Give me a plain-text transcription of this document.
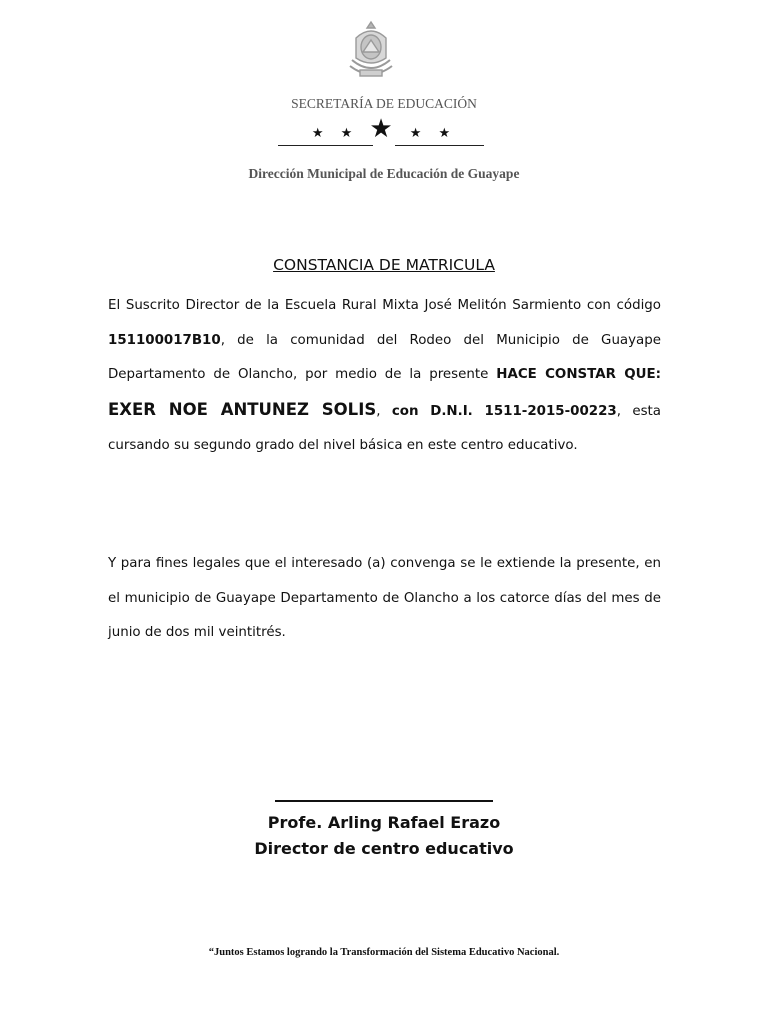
SECRETARÍA DE EDUCACIÓN
★ ★ ★ ★ ★
Dirección Municipal de Educación de Guayape
CONSTANCIA DE MATRICULA
El Suscrito Director de la Escuela Rural Mixta José Melitón Sarmiento con código 151100017B10, de la comunidad del Rodeo del Municipio de Guayape Departamento de Olancho, por medio de la presente HACE CONSTAR QUE: EXER NOE ANTUNEZ SOLIS, con D.N.I. 1511-2015-00223, esta cursando su segundo grado del nivel básica en este centro educativo.
Y para fines legales que el interesado (a) convenga se le extiende la presente, en el municipio de Guayape Departamento de Olancho a los catorce días del mes de junio de dos mil veintitrés.
Profe. Arling Rafael Erazo
Director de centro educativo
“Juntos Estamos logrando la Transformación del Sistema Educativo Nacional.
